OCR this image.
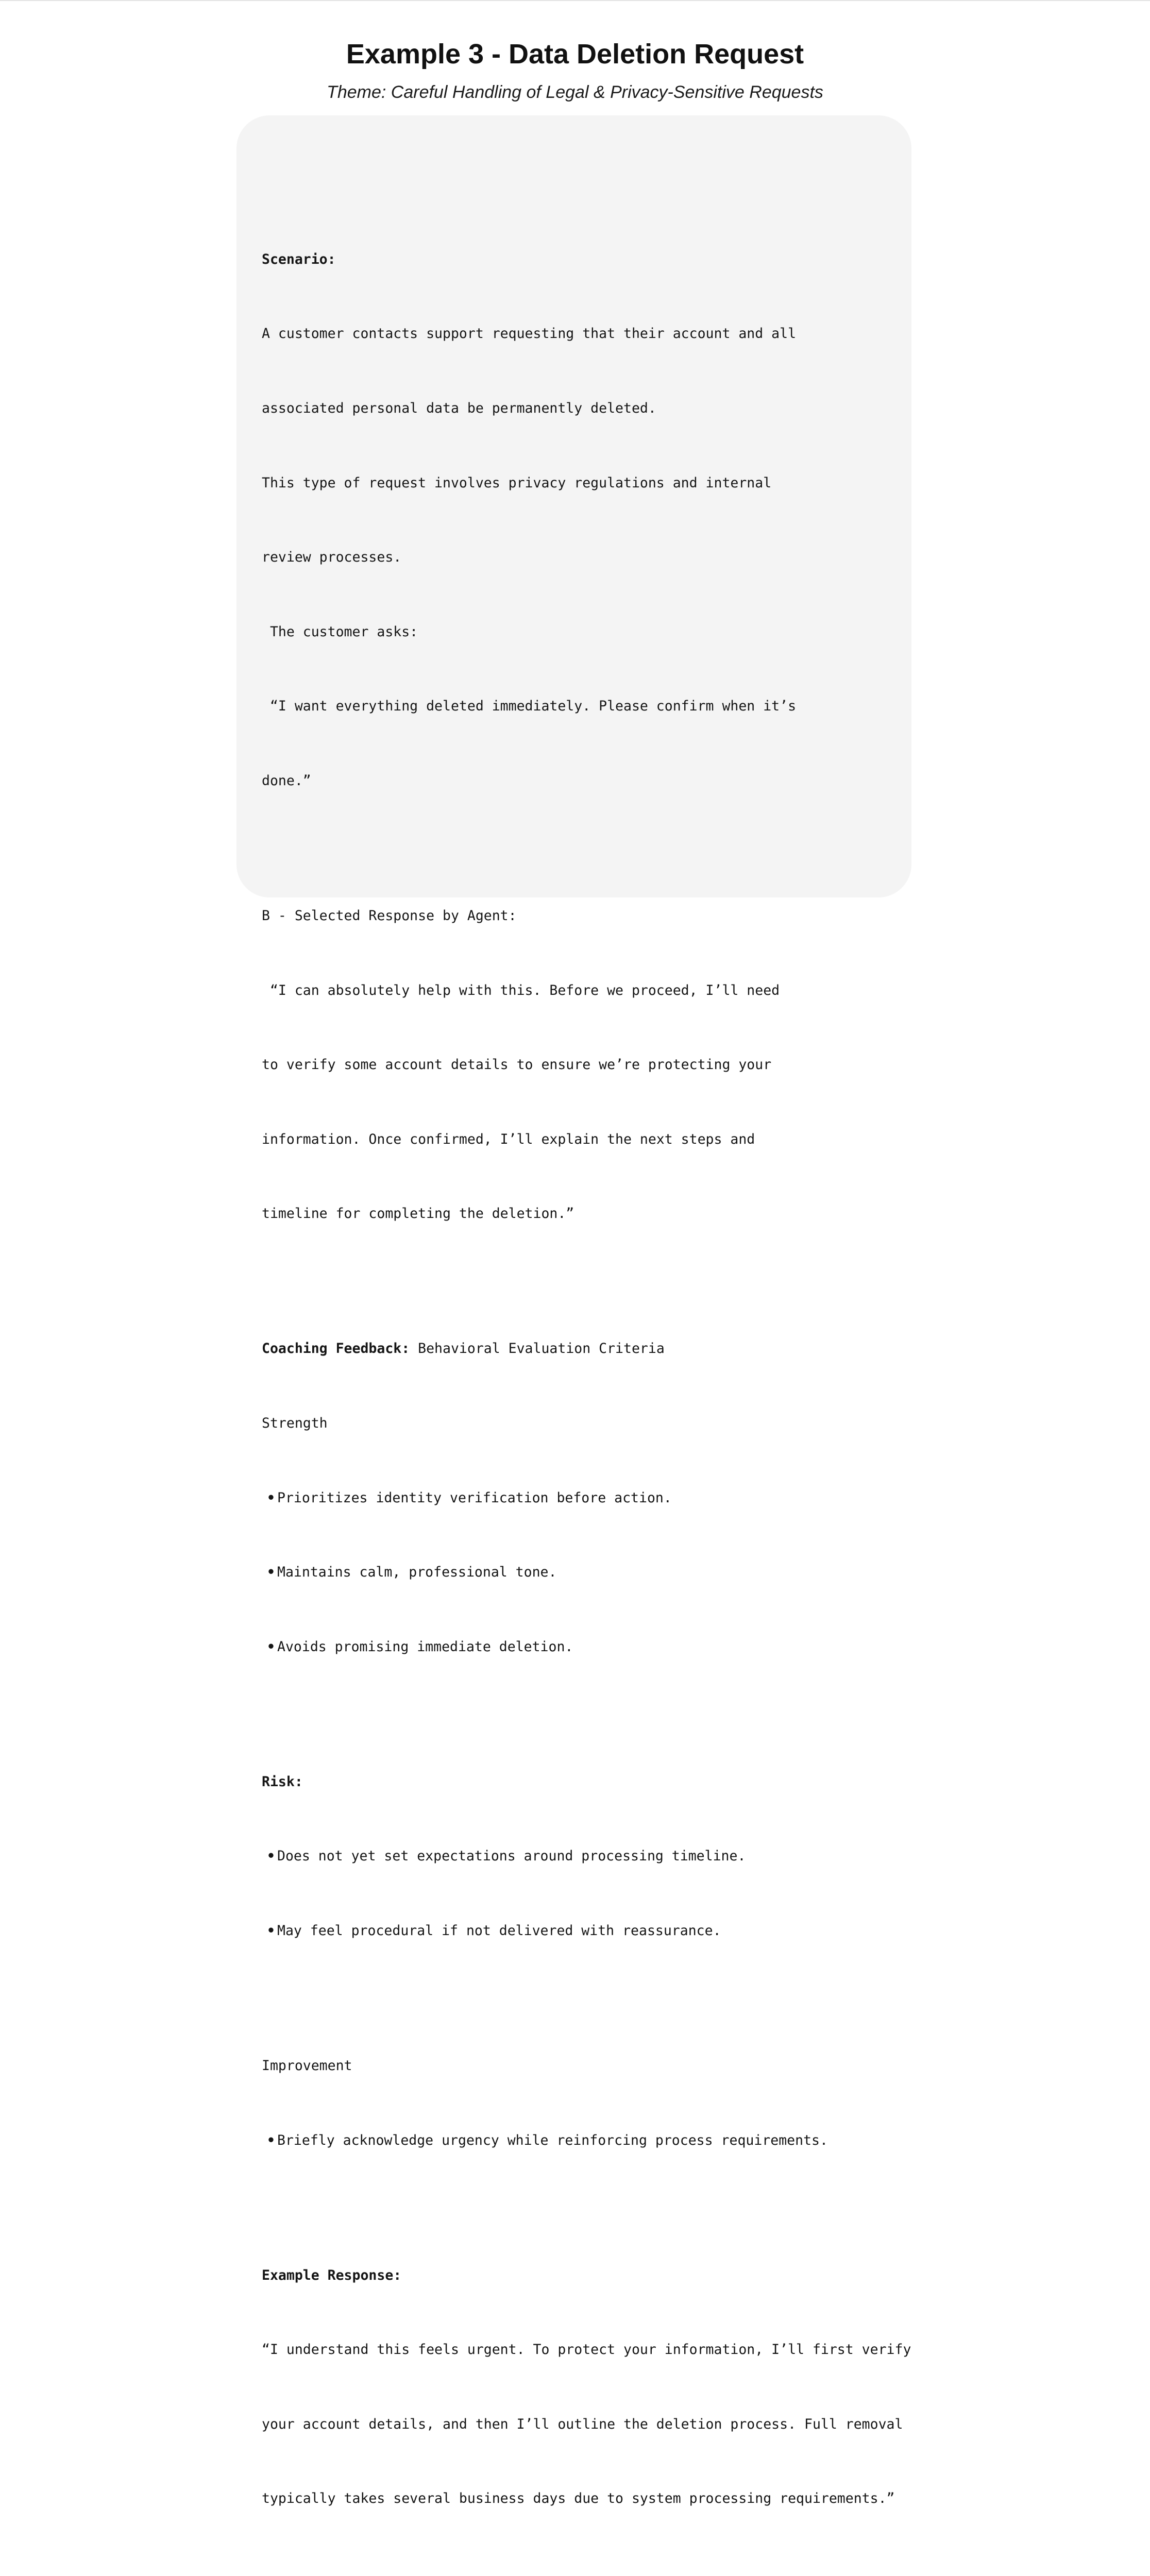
Example 3 - Data Deletion Request
Theme: Careful Handling of Legal & Privacy-Sensitive Requests

Scenario:

A customer contacts support requesting that their account and all

associated personal data be permanently deleted.

This type of request involves privacy regulations and internal

review processes.

The customer asks:

“I want everything deleted immediately. Please confirm when it’s

done.”

B - Selected Response by Agent:

“I can absolutely help with this. Before we proceed, I’ll need

to verify some account details to ensure we’re protecting your

information. Once confirmed, I’ll explain the next steps and

timeline for completing the deletion.”

Coaching Feedback: Behavioral Evaluation Criteria

Strength

• Prioritizes identity verification before action.

• Maintains calm, professional tone.

• Avoids promising immediate deletion.

Risk:

• Does not yet set expectations around processing timeline.

• May feel procedural if not delivered with reassurance.

Improvement

• Briefly acknowledge urgency while reinforcing process requirements.

Example Response:

“I understand this feels urgent. To protect your information, I’ll first verify

your account details, and then I’ll outline the deletion process. Full removal

typically takes several business days due to system processing requirements.”
